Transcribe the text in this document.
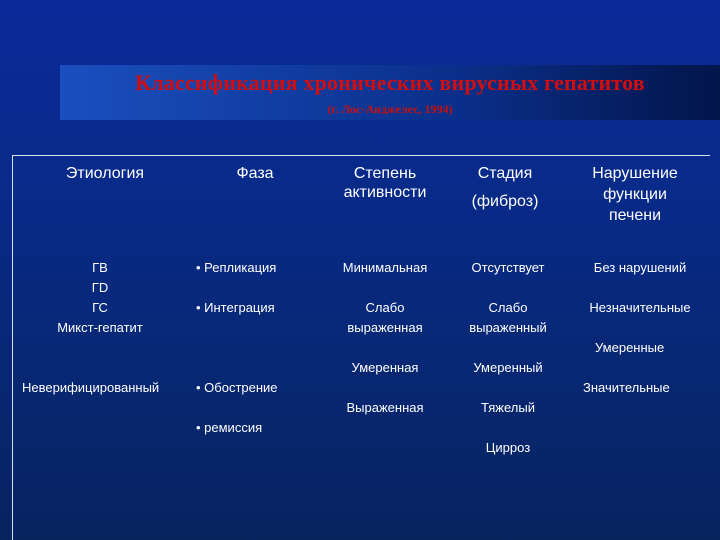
Классификация хронических вирусных гепатитов
(г. Лос-Анджелес, 1994)
Этиология	Фаза	Степень
активности
Стадия
(фиброз)
Нарушение
функции
печени
ГВ
ГD
ГС
Микст-гепатит
Неверифицированный
• Репликация
• Интеграция
• Обострение
• ремиссия
Минимальная
Слабо
выраженная
Умеренная
Выраженная
Отсутствует
Слабо
выраженный
Умеренный
Тяжелый
Цирроз
Без нарушений
Незначительные
Умеренные
Значительные
